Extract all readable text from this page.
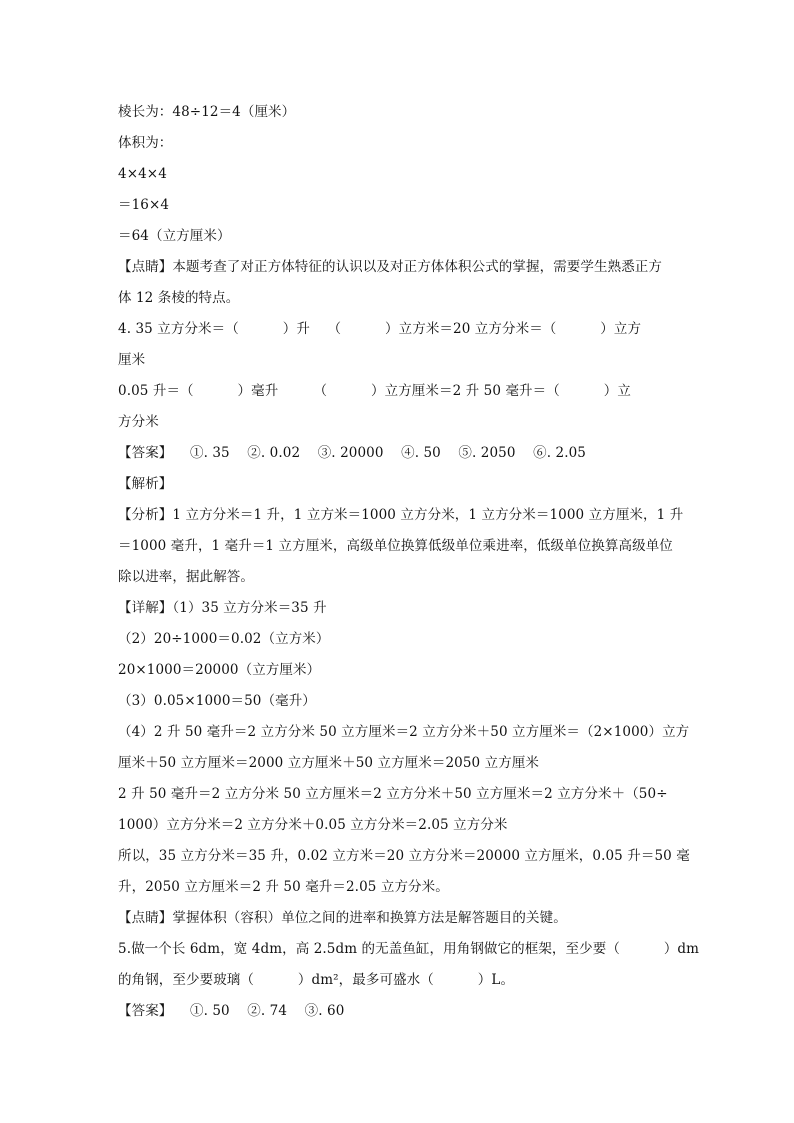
棱长为：48÷12＝4（厘米）
体积为：
4×4×4
＝16×4
＝64（立方厘米）
【点睛】本题考查了对正方体特征的认识以及对正方体体积公式的掌握，需要学生熟悉正方
体 12 条棱的特点。
4. 35 立方分米＝（          ）升    （          ）立方米＝20 立方分米＝（          ）立方
厘米
0.05 升＝（          ）毫升        （          ）立方厘米＝2 升 50 毫升＝（          ）立
方分米
【答案】    ①. 35    ②. 0.02    ③. 20000    ④. 50    ⑤. 2050    ⑥. 2.05
【解析】
【分析】1 立方分米＝1 升，1 立方米＝1000 立方分米，1 立方分米＝1000 立方厘米，1 升
＝1000 毫升，1 毫升＝1 立方厘米，高级单位换算低级单位乘进率，低级单位换算高级单位
除以进率，据此解答。
【详解】（1）35 立方分米＝35 升
（2）20÷1000＝0.02（立方米）
20×1000＝20000（立方厘米）
（3）0.05×1000＝50（毫升）
（4）2 升 50 毫升＝2 立方分米 50 立方厘米＝2 立方分米＋50 立方厘米＝（2×1000）立方
厘米＋50 立方厘米＝2000 立方厘米＋50 立方厘米＝2050 立方厘米
2 升 50 毫升＝2 立方分米 50 立方厘米＝2 立方分米＋50 立方厘米＝2 立方分米＋（50÷
1000）立方分米＝2 立方分米＋0.05 立方分米＝2.05 立方分米
所以，35 立方分米＝35 升，0.02 立方米＝20 立方分米＝20000 立方厘米，0.05 升＝50 毫
升，2050 立方厘米＝2 升 50 毫升＝2.05 立方分米。
【点睛】掌握体积（容积）单位之间的进率和换算方法是解答题目的关键。
5.做一个长 6dm，宽 4dm，高 2.5dm 的无盖鱼缸，用角钢做它的框架，至少要（          ）dm
的角钢，至少要玻璃（          ）dm²，最多可盛水（          ）L。
【答案】    ①. 50    ②. 74    ③. 60
